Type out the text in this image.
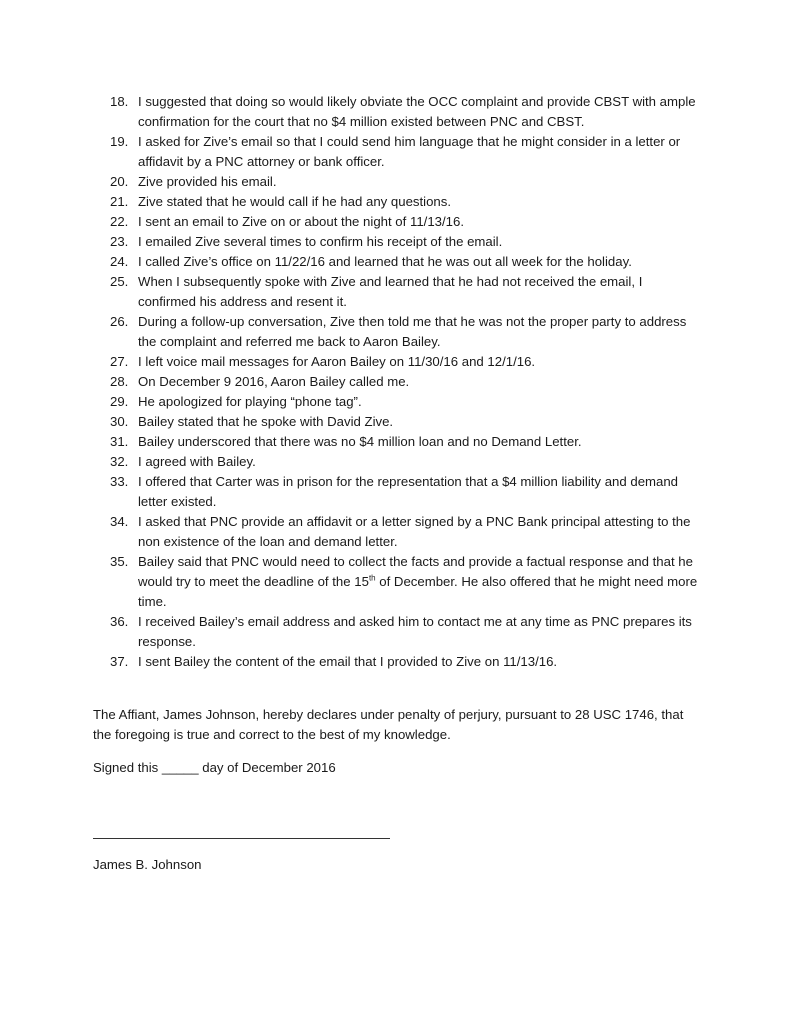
18. I suggested that doing so would likely obviate the OCC complaint and provide CBST with ample confirmation for the court that no $4 million existed between PNC and CBST.
19. I asked for Zive’s email so that I could send him language that he might consider in a letter or affidavit by a PNC attorney or bank officer.
20. Zive provided his email.
21. Zive stated that he would call if he had any questions.
22. I sent an email to Zive on or about the night of 11/13/16.
23. I emailed Zive several times to confirm his receipt of the email.
24. I called Zive’s office on 11/22/16 and learned that he was out all week for the holiday.
25. When I subsequently spoke with Zive and learned that he had not received the email, I confirmed his address and resent it.
26. During a follow-up conversation, Zive then told me that he was not the proper party to address the complaint and referred me back to Aaron Bailey.
27. I left voice mail messages for Aaron Bailey on 11/30/16 and 12/1/16.
28. On December 9 2016, Aaron Bailey called me.
29. He apologized for playing “phone tag”.
30. Bailey stated that he spoke with David Zive.
31. Bailey underscored that there was no $4 million loan and no Demand Letter.
32. I agreed with Bailey.
33. I offered that Carter was in prison for the representation that a $4 million liability and demand letter existed.
34. I asked that PNC provide an affidavit or a letter signed by a PNC Bank principal attesting to the non existence of the loan and demand letter.
35. Bailey said that PNC would need to collect the facts and provide a factual response and that he would try to meet the deadline of the 15th of December. He also offered that he might need more time.
36. I received Bailey’s email address and asked him to contact me at any time as PNC prepares its response.
37. I sent Bailey the content of the email that I provided to Zive on 11/13/16.

The Affiant, James Johnson, hereby declares under penalty of perjury, pursuant to 28 USC 1746, that the foregoing is true and correct to the best of my knowledge.

Signed this _____ day of December 2016

James B. Johnson
